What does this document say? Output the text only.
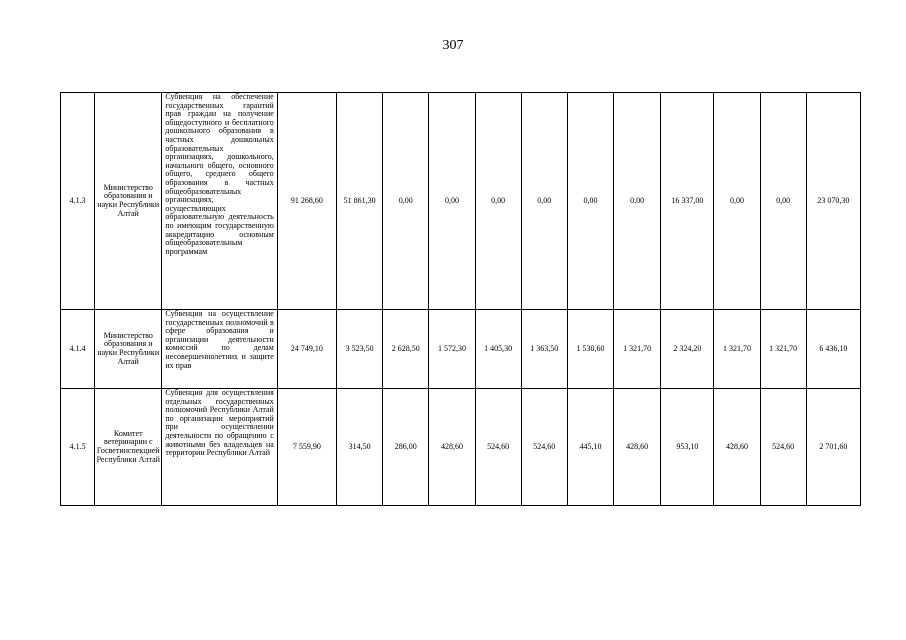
307
4.1.3	Министерство образования и науки Республики Алтай	Субвенция на обеспечение государственных гарантий прав граждан на получение общедоступного и бесплатного дошкольного образования в частных дошкольных образовательных организациях, дошкольного, начального общего, основного общего, среднего общего образования в частных общеобразовательных организациях, осуществляющих образовательную деятельность по имеющим государственную аккредитацию основным общеобразовательным программам	91 268,60	51 861,30	0,00	0,00	0,00	0,00	0,00	0,00	16 337,00	0,00	0,00	23 070,30
4.1.4	Министерство образования и науки Республики Алтай	Субвенция на осуществление государственных полномочий в сфере образования и организации деятельности комиссий по делам несовершеннолетних и защите их прав	24 749,10	3 523,50	2 628,50	1 572,30	1 405,30	1 363,50	1 530,60	1 321,70	2 324,20	1 321,70	1 321,70	6 436,10
4.1.5	Комитет ветеринарии с Госветинспекцией Республики Алтай	Субвенция для осуществления отдельных государственных полномочий Республики Алтай по организации мероприятий при осуществлении деятельности по обращению с животными без владельцев на территории Республики Алтай	7 559,90	314,50	286,00	428,60	524,60	524,60	445,10	428,60	953,10	428,60	524,60	2 701,60
